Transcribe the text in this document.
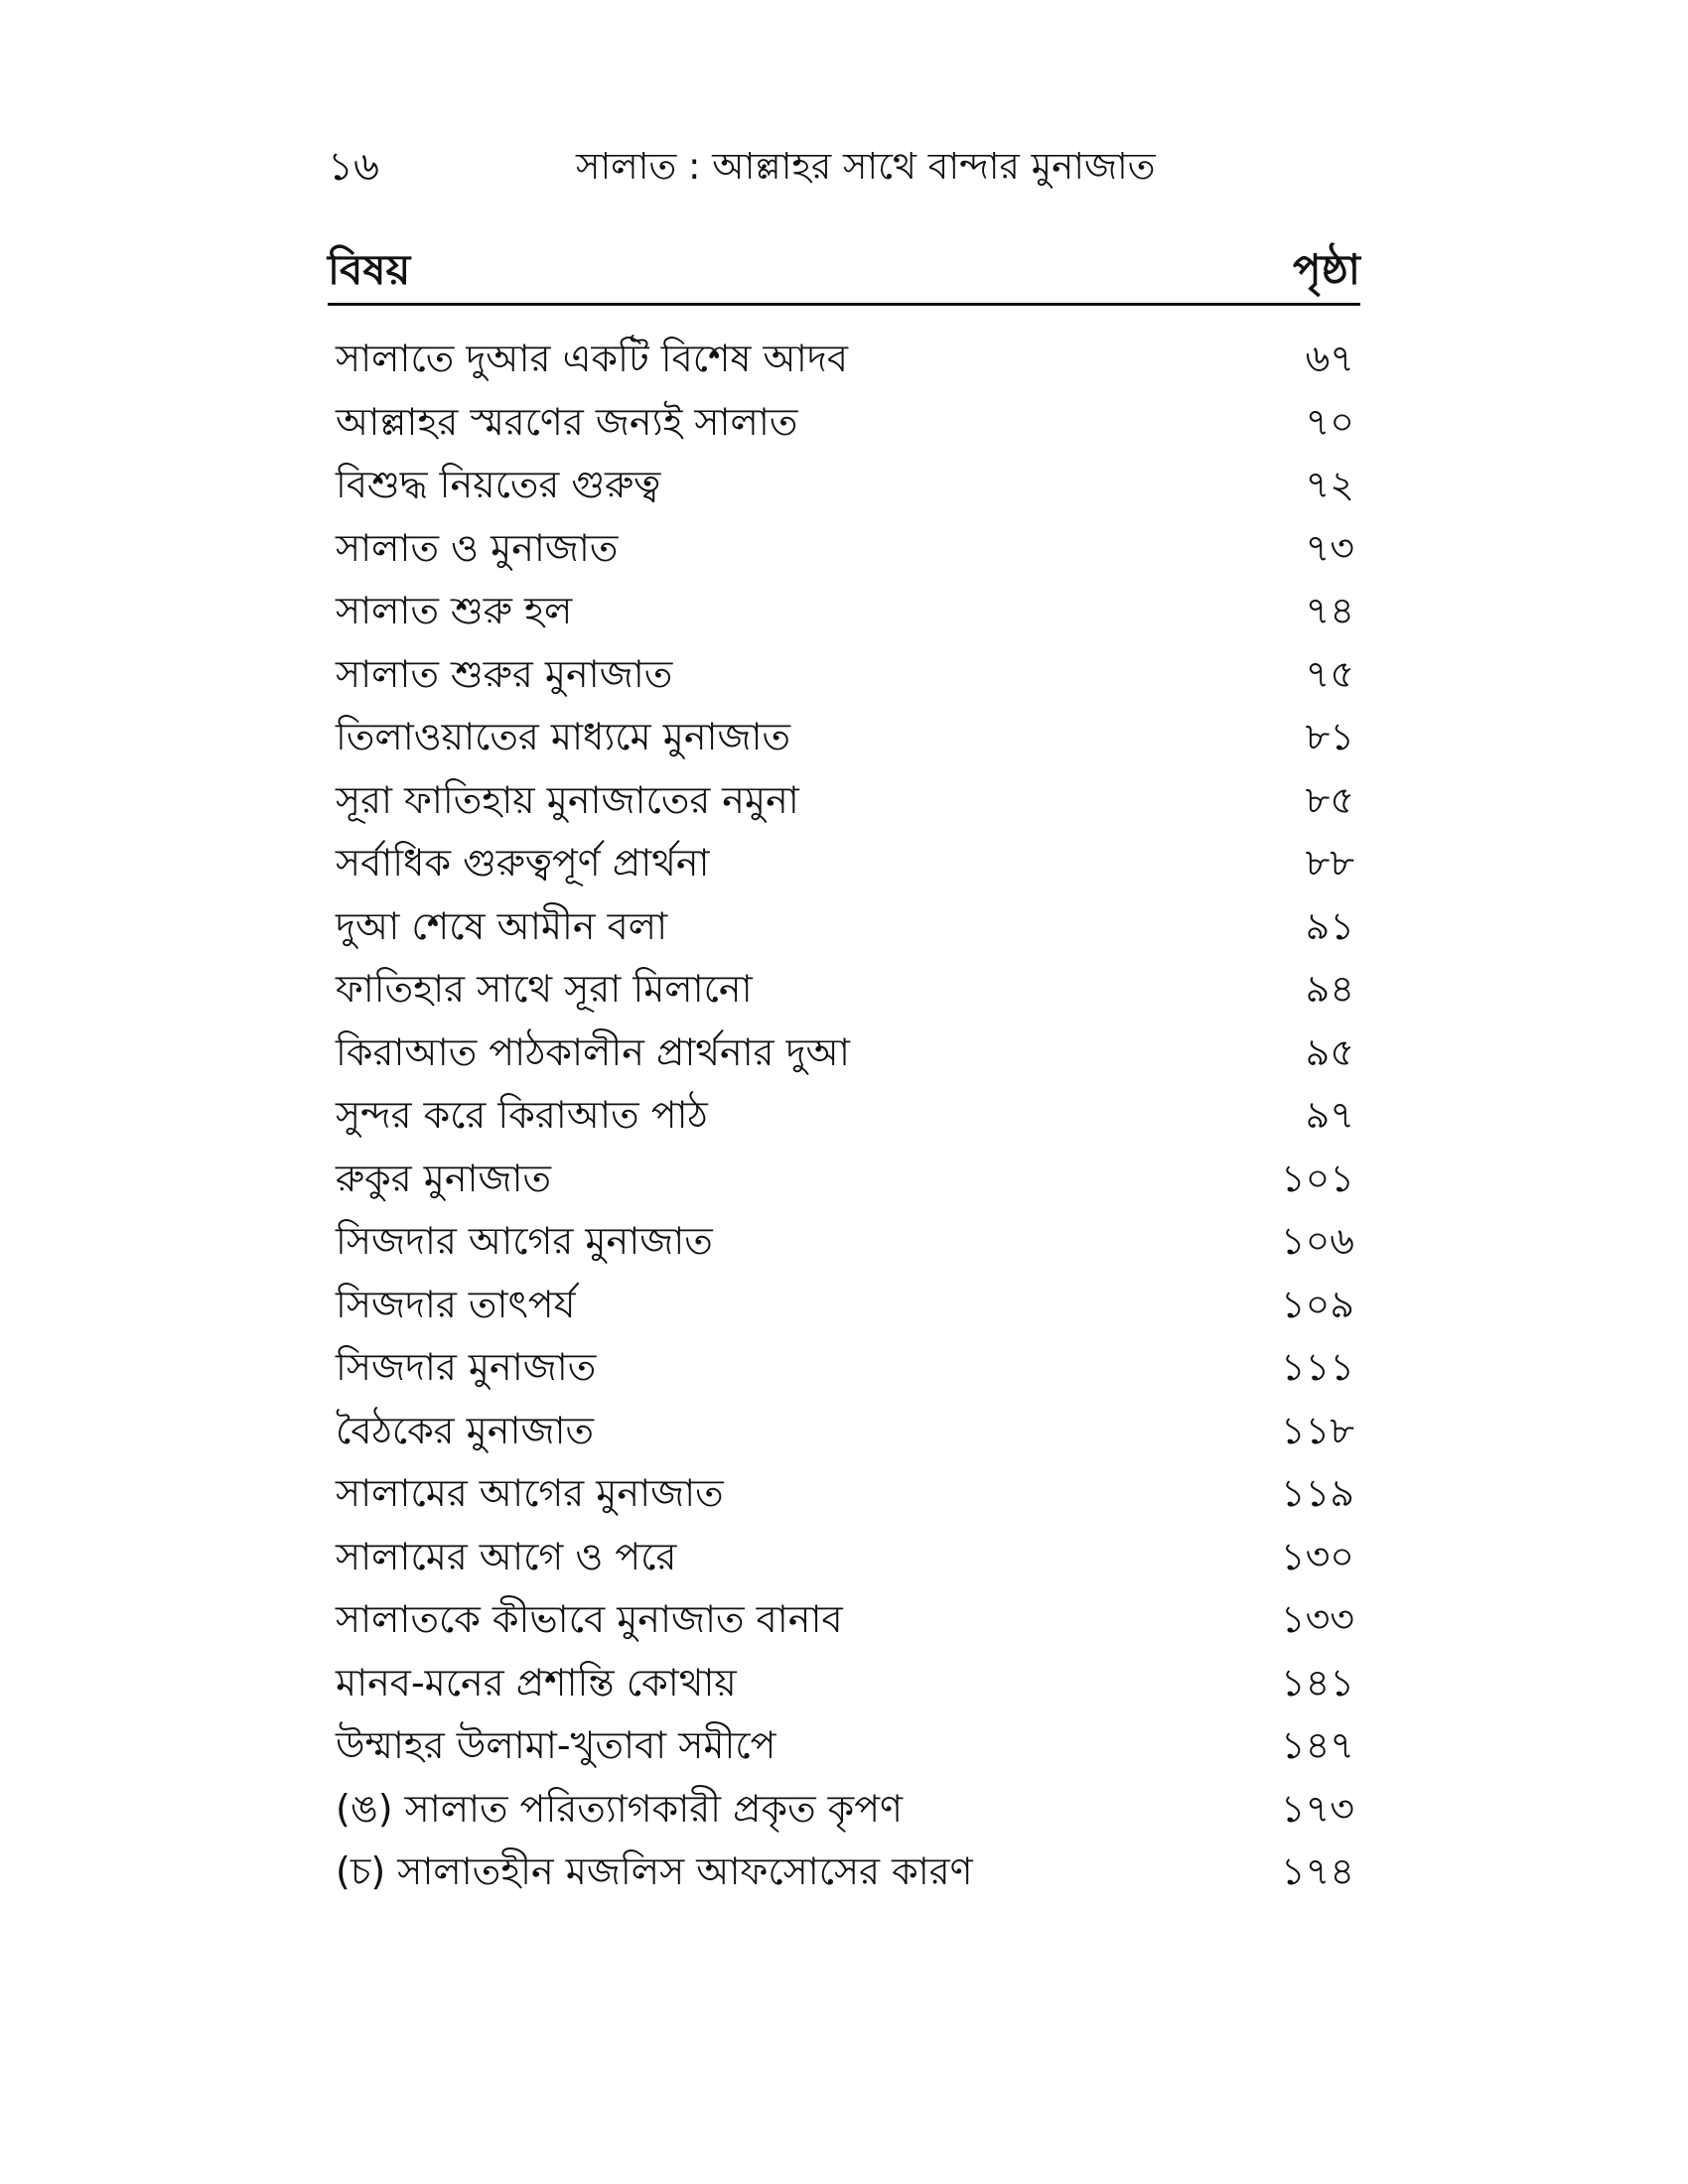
১৬	সালাত : আল্লাহর সাথে বান্দার মুনাজাত
বিষয়	পৃষ্ঠা
সালাতে দুআর একটি বিশেষ আদব	৬৭
আল্লাহর স্মরণের জন্যই সালাত	৭০
বিশুদ্ধ নিয়তের গুরুত্ব	৭২
সালাত ও মুনাজাত	৭৩
সালাত শুরু হল	৭৪
সালাত শুরুর মুনাজাত	৭৫
তিলাওয়াতের মাধ্যমে মুনাজাত	৮১
সূরা ফাতিহায় মুনাজাতের নমুনা	৮৫
সর্বাধিক গুরুত্বপূর্ণ প্রার্থনা	৮৮
দুআ শেষে আমীন বলা	৯১
ফাতিহার সাথে সূরা মিলানো	৯৪
কিরাআত পাঠকালীন প্রার্থনার দুআ	৯৫
সুন্দর করে কিরাআত পাঠ	৯৭
রুকুর মুনাজাত	১০১
সিজদার আগের মুনাজাত	১০৬
সিজদার তাৎপর্য	১০৯
সিজদার মুনাজাত	১১১
বৈঠকের মুনাজাত	১১৮
সালামের আগের মুনাজাত	১১৯
সালামের আগে ও পরে	১৩০
সালাতকে কীভাবে মুনাজাত বানাব	১৩৩
মানব-মনের প্রশান্তি কোথায়	১৪১
উম্মাহর উলামা-খুতাবা সমীপে	১৪৭
(ঙ) সালাত পরিত্যাগকারী প্রকৃত কৃপণ	১৭৩
(চ) সালাতহীন মজলিস আফসোসের কারণ	১৭৪
